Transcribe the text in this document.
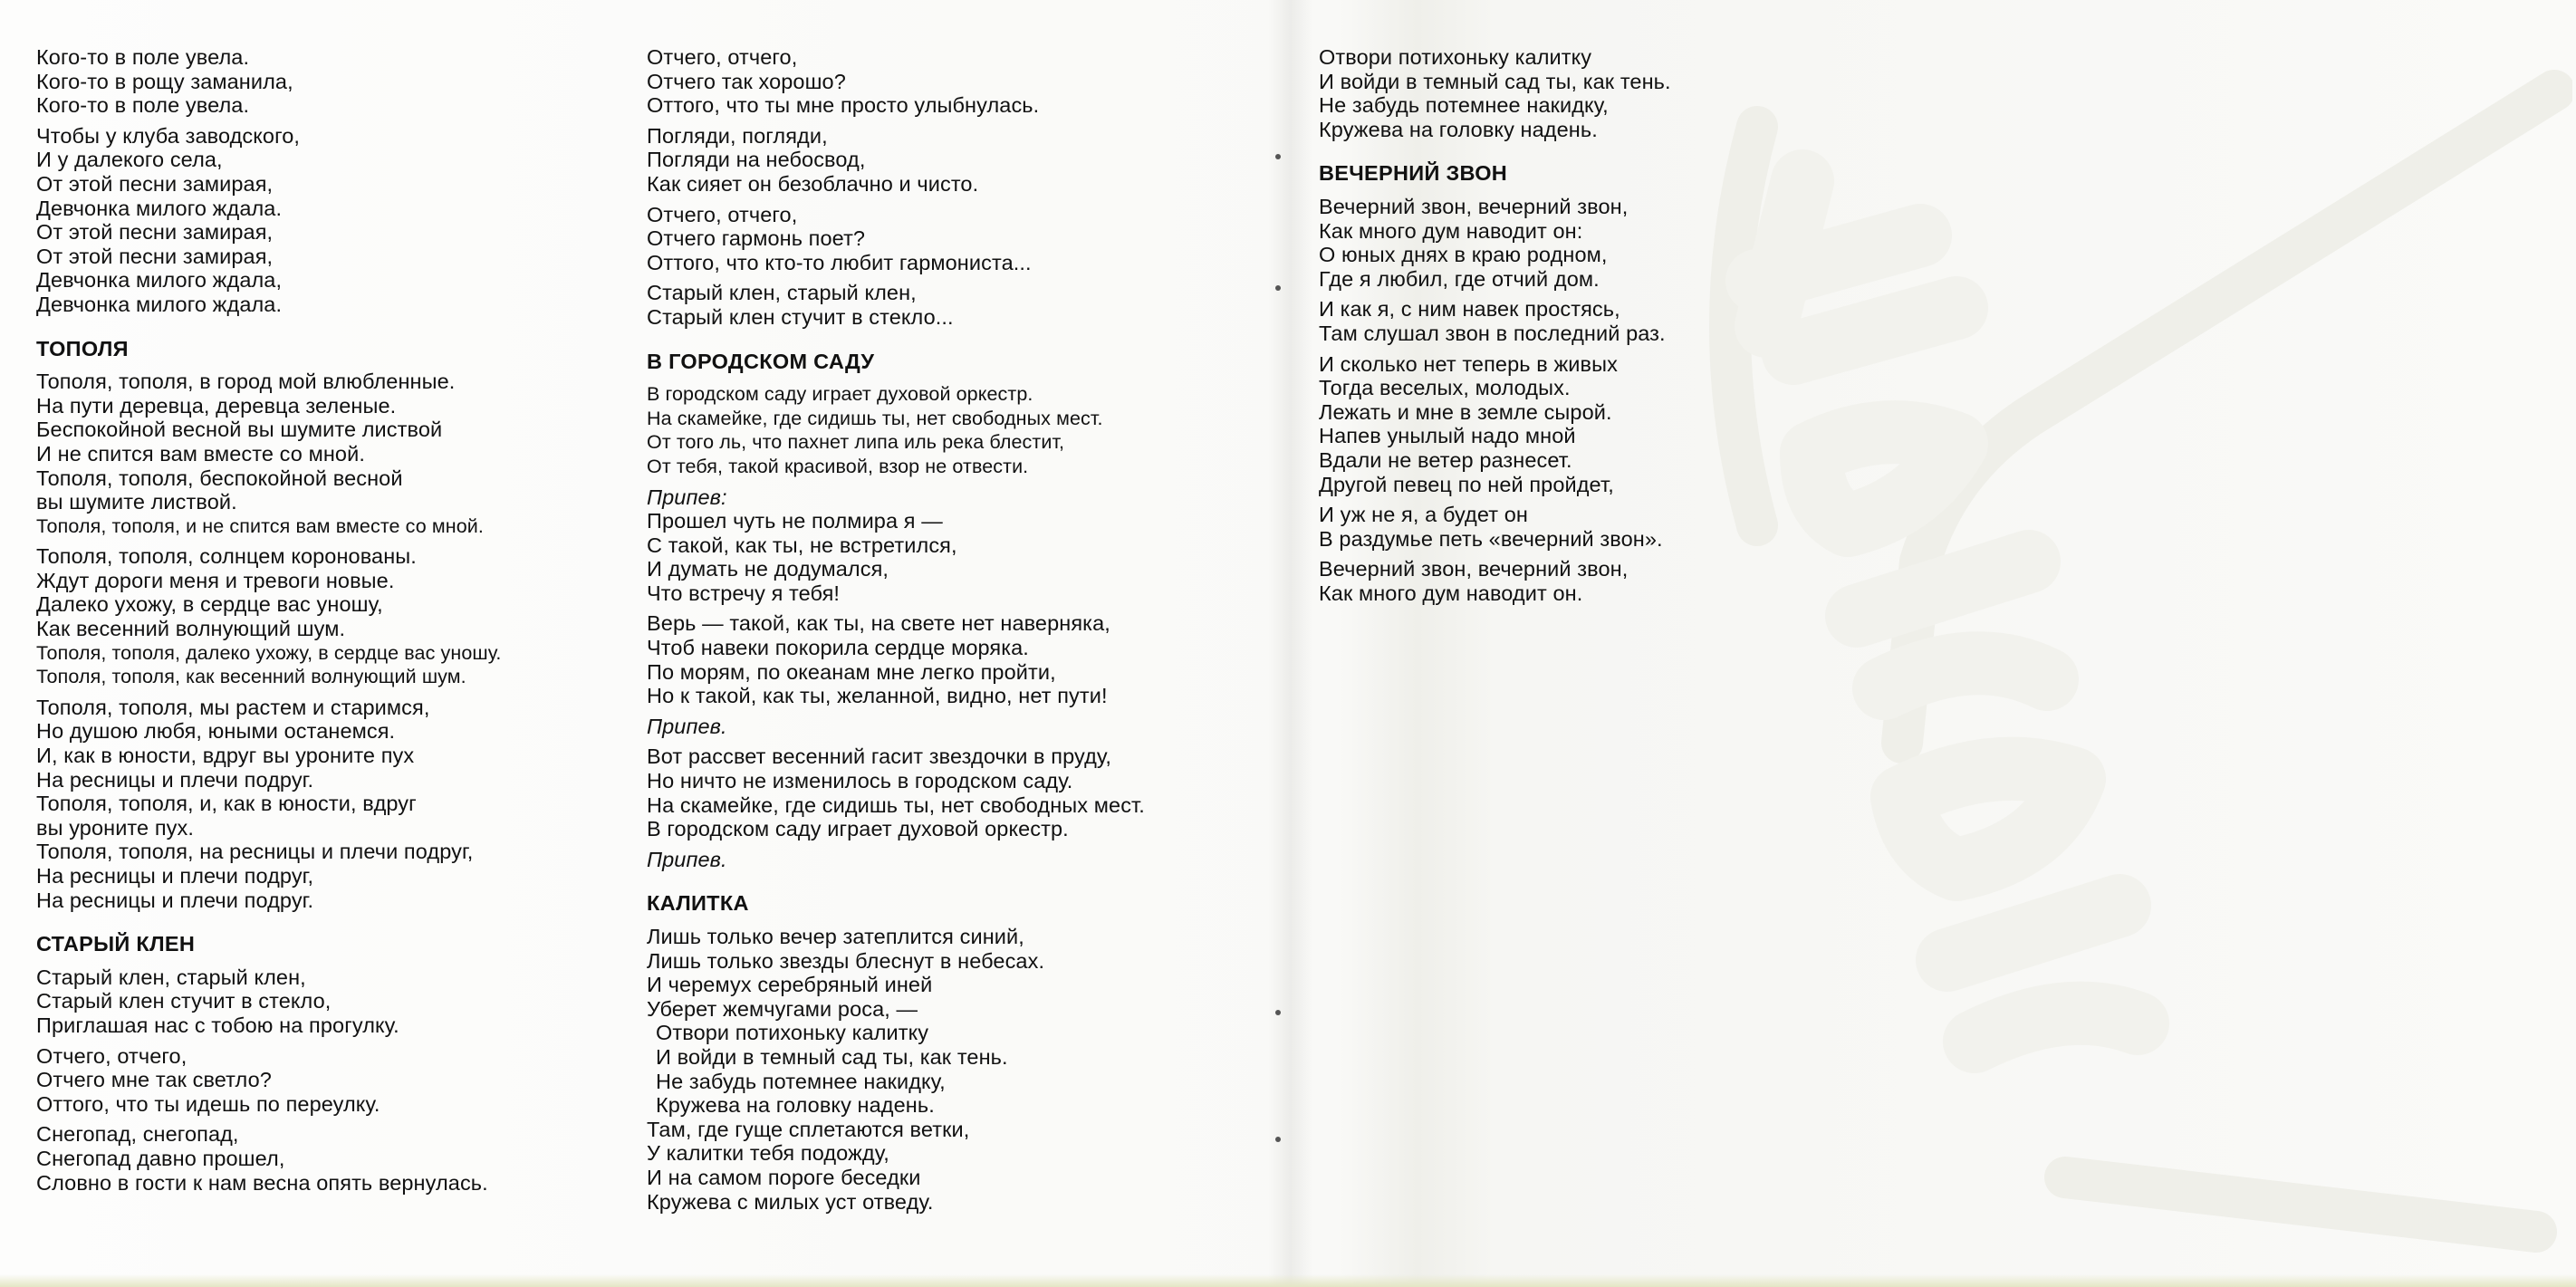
Кого-то в поле увела.
Кого-то в рощу заманила,
Кого-то в поле увела.
Чтобы у клуба заводского,
И у далекого села,
От этой песни замирая,
Девчонка милого ждала.
От этой песни замирая,
От этой песни замирая,
Девчонка милого ждала,
Девчонка милого ждала.
ТОПОЛЯ
Тополя, тополя, в город мой влюбленные.
На пути деревца, деревца зеленые.
Беспокойной весной вы шумите листвой
И не спится вам вместе со мной.
Тополя, тополя, беспокойной весной
вы шумите листвой.
Тополя, тополя, и не спится вам вместе со мной.
Тополя, тополя, солнцем коронованы.
Ждут дороги меня и тревоги новые.
Далеко ухожу, в сердце вас уношу,
Как весенний волнующий шум.
Тополя, тополя, далеко ухожу, в сердце вас уношу.
Тополя, тополя, как весенний волнующий шум.
Тополя, тополя, мы растем и старимся,
Но душою любя, юными останемся.
И, как в юности, вдруг вы уроните пух
На ресницы и плечи подруг.
Тополя, тополя, и, как в юности, вдруг
вы уроните пух.
Тополя, тополя, на ресницы и плечи подруг,
На ресницы и плечи подруг,
На ресницы и плечи подруг.
СТАРЫЙ КЛЕН
Старый клен, старый клен,
Старый клен стучит в стекло,
Приглашая нас с тобою на прогулку.
Отчего, отчего,
Отчего мне так светло?
Оттого, что ты идешь по переулку.
Снегопад, снегопад,
Снегопад давно прошел,
Словно в гости к нам весна опять вернулась.
Отчего, отчего,
Отчего так хорошо?
Оттого, что ты мне просто улыбнулась.
Погляди, погляди,
Погляди на небосвод,
Как сияет он безоблачно и чисто.
Отчего, отчего,
Отчего гармонь поет?
Оттого, что кто-то любит гармониста...
Старый клен, старый клен,
Старый клен стучит в стекло...
В ГОРОДСКОМ САДУ
В городском саду играет духовой оркестр.
На скамейке, где сидишь ты, нет свободных мест.
От того ль, что пахнет липа иль река блестит,
От тебя, такой красивой, взор не отвести.
Припев:
Прошел чуть не полмира я —
С такой, как ты, не встретился,
И думать не додумался,
Что встречу я тебя!
Верь — такой, как ты, на свете нет наверняка,
Чтоб навеки покорила сердце моряка.
По морям, по океанам мне легко пройти,
Но к такой, как ты, желанной, видно, нет пути!
Припев.
Вот рассвет весенний гасит звездочки в пруду,
Но ничто не изменилось в городском саду.
На скамейке, где сидишь ты, нет свободных мест.
В городском саду играет духовой оркестр.
Припев.
КАЛИТКА
Лишь только вечер затеплится синий,
Лишь только звезды блеснут в небесах.
И черемух серебряный иней
Уберет жемчугами роса, —
Отвори потихоньку калитку
И войди в темный сад ты, как тень.
Не забудь потемнее накидку,
Кружева на головку надень.
Там, где гуще сплетаются ветки,
У калитки тебя подожду,
И на самом пороге беседки
Кружева с милых уст отведу.
Отвори потихоньку калитку
И войди в темный сад ты, как тень.
Не забудь потемнее накидку,
Кружева на головку надень.
ВЕЧЕРНИЙ ЗВОН
Вечерний звон, вечерний звон,
Как много дум наводит он:
О юных днях в краю родном,
Где я любил, где отчий дом.
И как я, с ним навек простясь,
Там слушал звон в последний раз.
И сколько нет теперь в живых
Тогда веселых, молодых.
Лежать и мне в земле сырой.
Напев унылый надо мной
Вдали не ветер разнесет.
Другой певец по ней пройдет,
И уж не я, а будет он
В раздумье петь «вечерний звон».
Вечерний звон, вечерний звон,
Как много дум наводит он.
